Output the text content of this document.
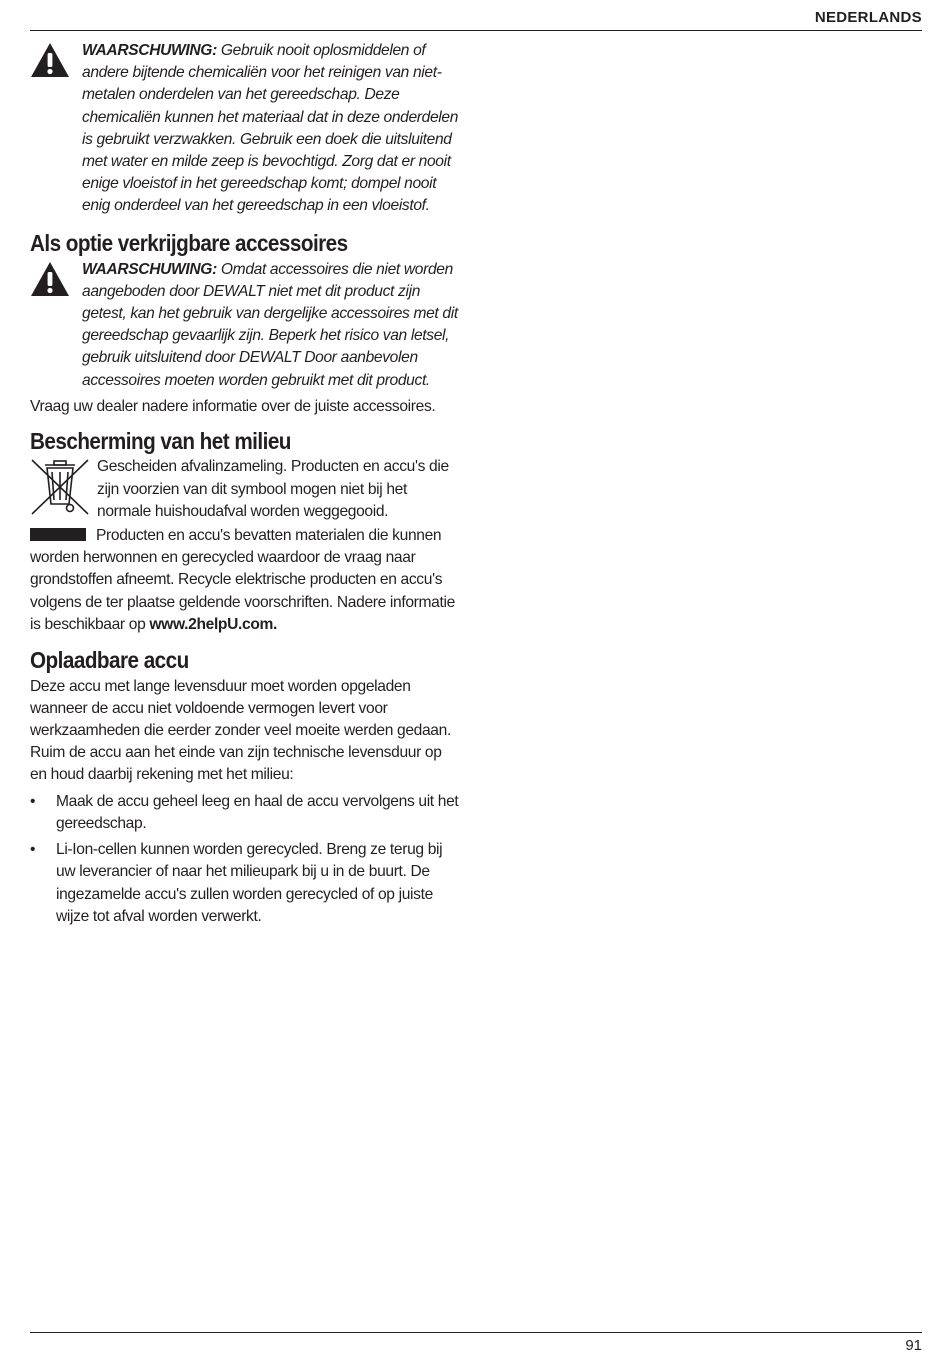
NEDERLANDS
WAARSCHUWING: Gebruik nooit oplosmiddelen of andere bijtende chemicaliën voor het reinigen van niet-metalen onderdelen van het gereedschap. Deze chemicaliën kunnen het materiaal dat in deze onderdelen is gebruikt verzwakken. Gebruik een doek die uitsluitend met water en milde zeep is bevochtigd. Zorg dat er nooit enige vloeistof in het gereedschap komt; dompel nooit enig onderdeel van het gereedschap in een vloeistof.
Als optie verkrijgbare accessoires
WAARSCHUWING: Omdat accessoires die niet worden aangeboden door DEWALT niet met dit product zijn getest, kan het gebruik van dergelijke accessoires met dit gereedschap gevaarlijk zijn. Beperk het risico van letsel, gebruik uitsluitend door DEWALT Door aanbevolen accessoires moeten worden gebruikt met dit product.

Vraag uw dealer nadere informatie over de juiste accessoires.

Bescherming van het milieu
Gescheiden afvalinzameling. Producten en accu's die zijn voorzien van dit symbool mogen niet bij het normale huishoudafval worden weggegooid.

Producten en accu's bevatten materialen die kunnen worden herwonnen en gerecycled waardoor de vraag naar grondstoffen afneemt. Recycle elektrische producten en accu's volgens de ter plaatse geldende voorschriften. Nadere informatie is beschikbaar op www.2helpU.com.

Oplaadbare accu

Deze accu met lange levensduur moet worden opgeladen wanneer de accu niet voldoende vermogen levert voor werkzaamheden die eerder zonder veel moeite werden gedaan. Ruim de accu aan het einde van zijn technische levensduur op en houd daarbij rekening met het milieu:

• Maak de accu geheel leeg en haal de accu vervolgens uit het gereedschap.
• Li-Ion-cellen kunnen worden gerecycled. Breng ze terug bij uw leverancier of naar het milieupark bij u in de buurt. De ingezamelde accu's zullen worden gerecycled of op juiste wijze tot afval worden verwerkt.
91
